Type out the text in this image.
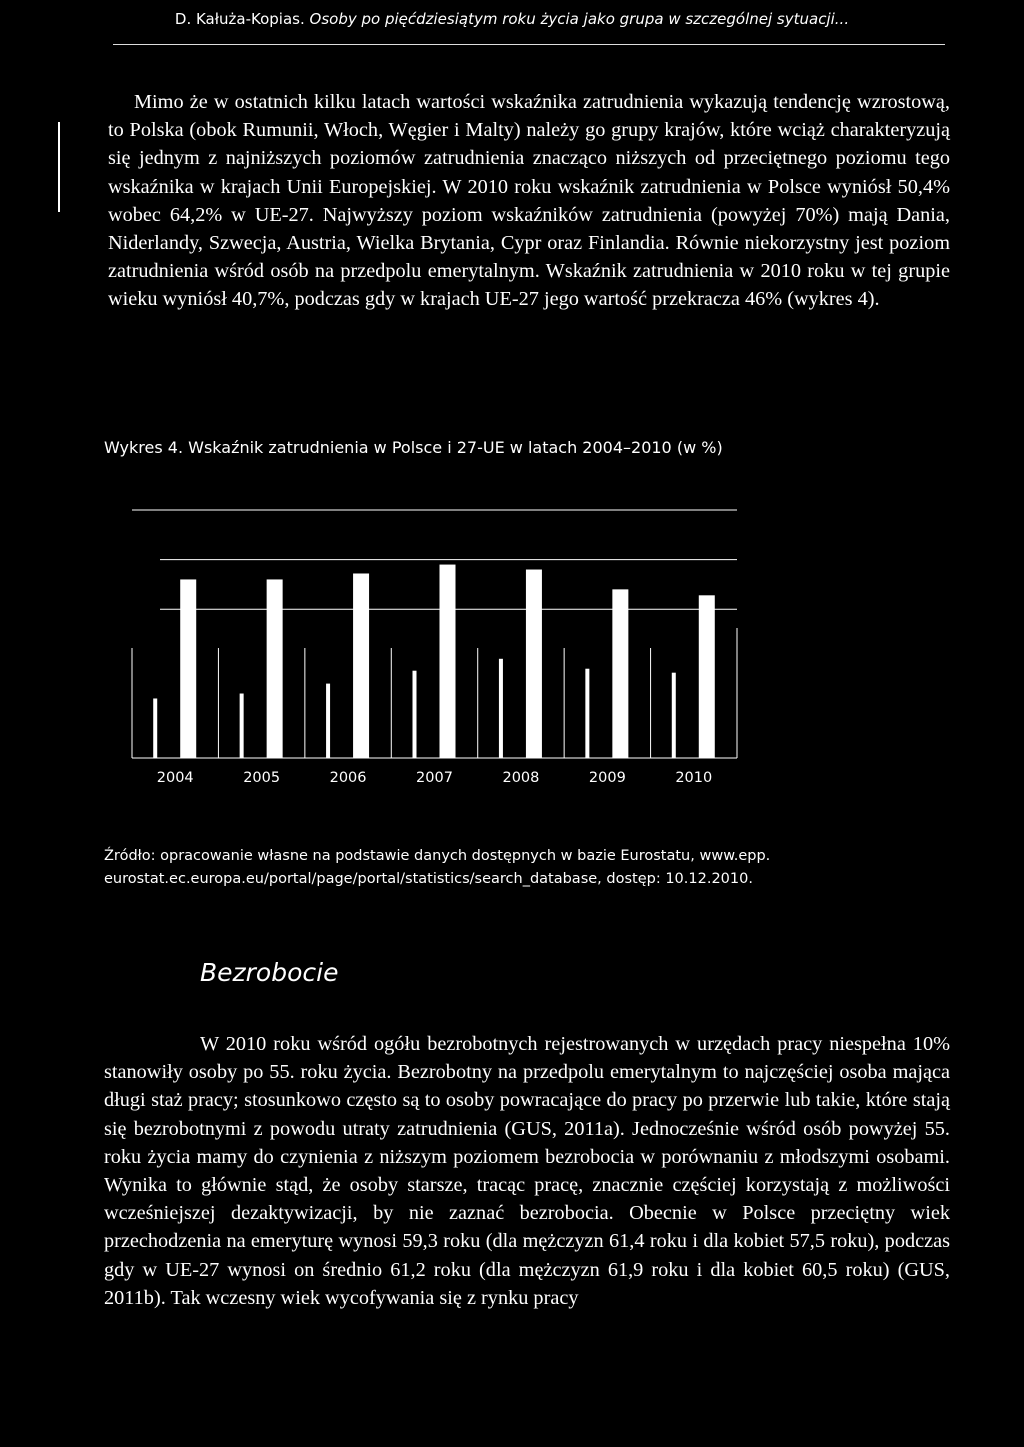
D. Kałuża-Kopias. Osoby po pięćdziesiątym roku życia jako grupa w szczególnej sytuacji...

Mimo że w ostatnich kilku latach wartości wskaźnika zatrudnienia wykazują tendencję wzrostową, to Polska (obok Rumunii, Włoch, Węgier i Malty) należy go grupy krajów, które wciąż charakteryzują się jednym z najniższych poziomów zatrudnienia znacząco niższych od przeciętnego poziomu tego wskaźnika w krajach Unii Europejskiej. W 2010 roku wskaźnik zatrudnienia w Polsce wyniósł 50,4% wobec 64,2% w UE-27. Najwyższy poziom wskaźników zatrudnienia (powyżej 70%) mają Dania, Niderlandy, Szwecja, Austria, Wielka Brytania, Cypr oraz Finlandia. Równie niekorzystny jest poziom zatrudnienia wśród osób na przedpolu emerytalnym. Wskaźnik zatrudnienia w 2010 roku w tej grupie wieku wyniósł 40,7%, podczas gdy w krajach UE-27 jego wartość przekracza 46% (wykres 4).

Wykres 4. Wskaźnik zatrudnienia w Polsce i 27-UE w latach 2004–2010 (w %)
2004	2005	2006	2007	2008	2009	2010
Źródło: opracowanie własne na podstawie danych dostępnych w bazie Eurostatu, www.epp.
eurostat.ec.europa.eu/portal/page/portal/statistics/search_database, dostęp: 10.12.2010.
Bezrobocie

W 2010 roku wśród ogółu bezrobotnych rejestrowanych w urzędach pracy niespełna 10% stanowiły osoby po 55. roku życia. Bezrobotny na przedpolu emerytalnym to najczęściej osoba mająca długi staż pracy; stosunkowo często są to osoby powracające do pracy po przerwie lub takie, które stają się bezrobotnymi z powodu utraty zatrudnienia (GUS, 2011a). Jednocześnie wśród osób powyżej 55. roku życia mamy do czynienia z niższym poziomem bezrobocia w porównaniu z młodszymi osobami. Wynika to głównie stąd, że osoby starsze, tracąc pracę, znacznie częściej korzystają z możliwości wcześniejszej dezaktywizacji, by nie zaznać bezrobocia. Obecnie w Polsce przeciętny wiek przechodzenia na emeryturę wynosi 59,3 roku (dla mężczyzn 61,4 roku i dla kobiet 57,5 roku), podczas gdy w UE-27 wynosi on średnio 61,2 roku (dla mężczyzn 61,9 roku i dla kobiet 60,5 roku) (GUS, 2011b). Tak wczesny wiek wycofywania się z rynku pracy
